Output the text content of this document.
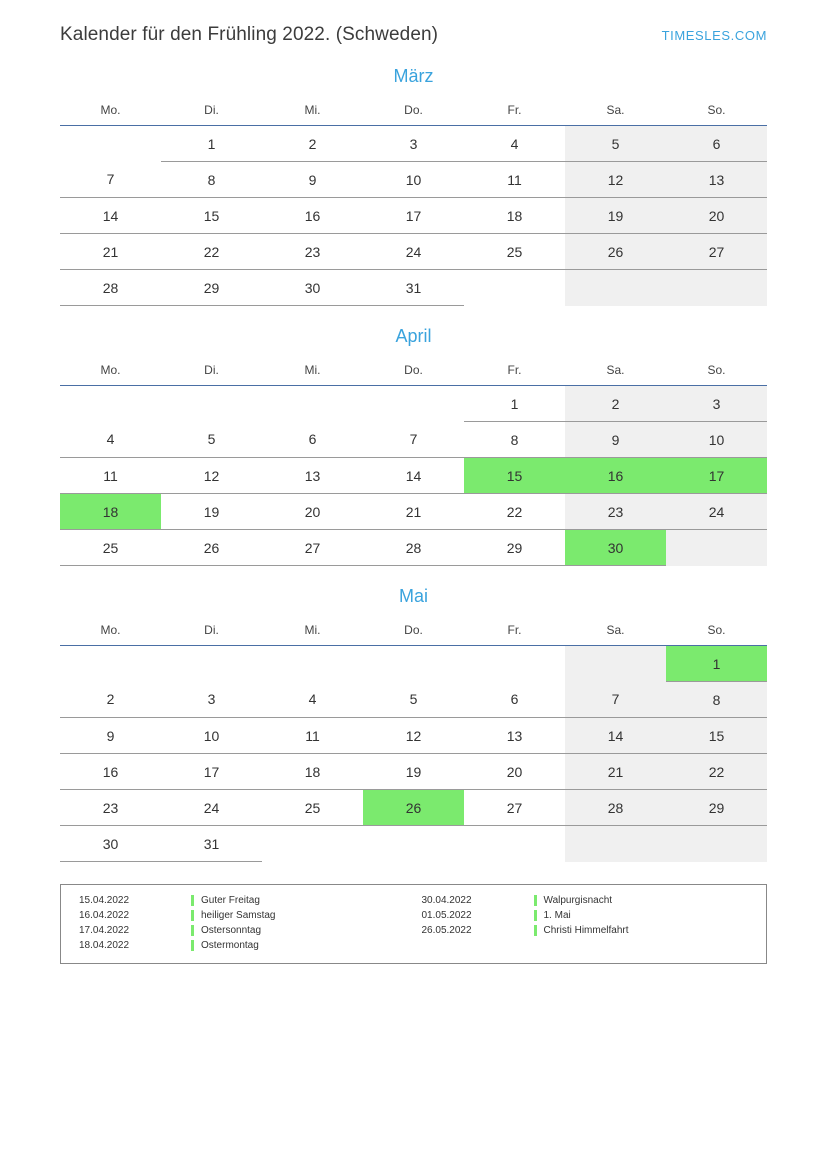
Kalender für den Frühling 2022. (Schweden)	TIMESLES.COM
März
Mo.	Di.	Mi.	Do.	Fr.	Sa.	So.
	1	2	3	4	5	6
7	8	9	10	11	12	13
14	15	16	17	18	19	20
21	22	23	24	25	26	27
28	29	30	31			
April
Mo.	Di.	Mi.	Do.	Fr.	Sa.	So.
				1	2	3
4	5	6	7	8	9	10
11	12	13	14	15	16	17
18	19	20	21	22	23	24
25	26	27	28	29	30	
Mai
Mo.	Di.	Mi.	Do.	Fr.	Sa.	So.
						1
2	3	4	5	6	7	8
9	10	11	12	13	14	15
16	17	18	19	20	21	22
23	24	25	26	27	28	29
30	31					
15.04.2022	Guter Freitag
16.04.2022	heiliger Samstag
17.04.2022	Ostersonntag
18.04.2022	Ostermontag
30.04.2022	Walpurgisnacht
01.05.2022	1. Mai
26.05.2022	Christi Himmelfahrt
